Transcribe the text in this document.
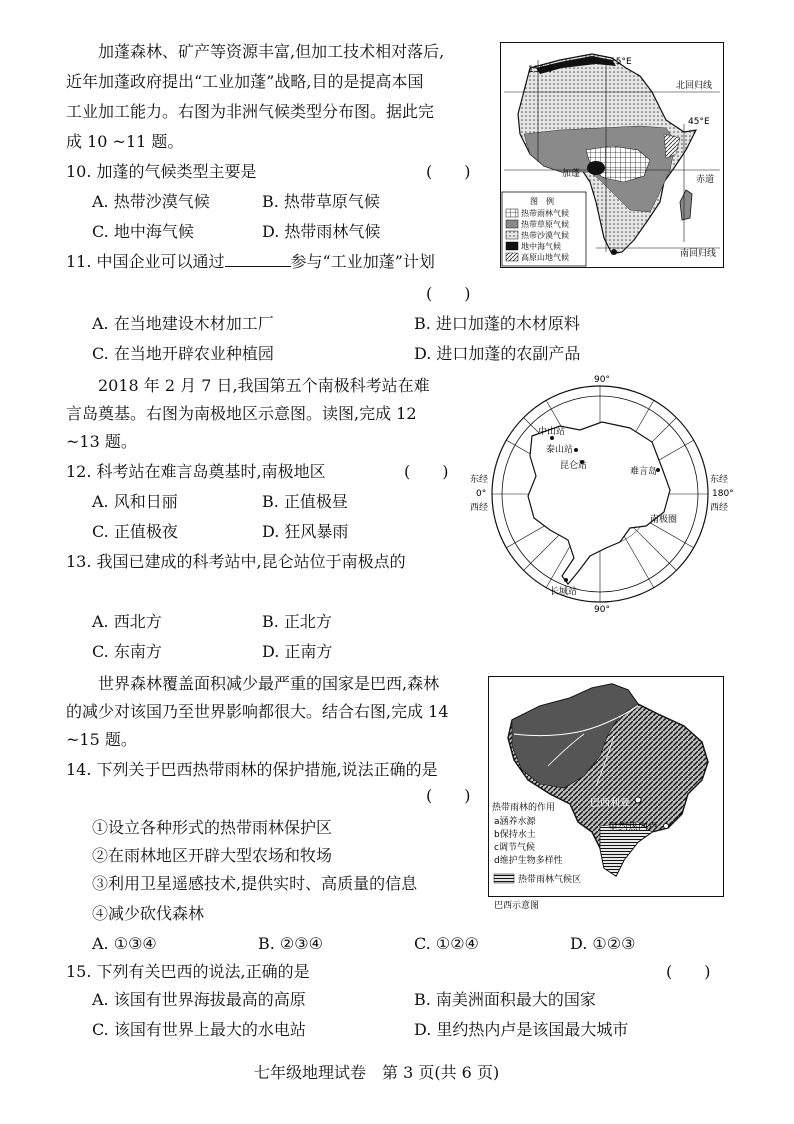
加蓬森林、矿产等资源丰富,但加工技术相对落后,
近年加蓬政府提出“工业加蓬”战略,目的是提高本国
工业加工能力。右图为非洲气候类型分布图。据此完
成 10 ~11 题。
10. 加蓬的气候类型主要是	(　　)
A. 热带沙漠气候	B. 热带草原气候
C. 地中海气候	D. 热带雨林气候
11. 中国企业可以通过	参与“工业加蓬”计划
(　　)
A. 在当地建设木材加工厂	B. 进口加蓬的木材原料
C. 在当地开辟农业种植园	D. 进口加蓬的农副产品
15°W
15°E
北回归线
45°E
加蓬
赤道
南回归线
图　例
热带雨林气候
热带草原气候
热带沙漠气候
地中海气候
高原山地气候
2018 年 2 月 7 日,我国第五个南极科考站在难
言岛奠基。右图为南极地区示意图。读图,完成 12
~13 题。
12. 科考站在难言岛奠基时,南极地区	(　　)
A. 风和日丽	B. 正值极昼
C. 正值极夜	D. 狂风暴雨
13. 我国已建成的科考站中,昆仑站位于南极点的
A. 西北方	B. 正北方
C. 东南方	D. 正南方
90°
90°
中山站
泰山站
昆仑站
难言岛
东经
0°
西经
东经
180°
西经
南极圈
长城站
世界森林覆盖面积减少最严重的国家是巴西,森林
的减少对该国乃至世界影响都很大。结合右图,完成 14
~15 题。
14. 下列关于巴西热带雨林的保护措施,说法正确的是
(　　)
①设立各种形式的热带雨林保护区
②在雨林地区开辟大型农场和牧场
③利用卫星遥感技术,提供实时、高质量的信息
④减少砍伐森林
A. ①③④	B. ②③④	C. ①②④	D. ①②③
15. 下列有关巴西的说法,正确的是	(　　)
A. 该国有世界海拔最高的高原	B. 南美洲面积最大的国家
C. 该国有世界上最大的水电站	D. 里约热内卢是该国最大城市
巴西利亚
里约热内卢
热带雨林的作用
a涵养水源
b保持水土
c调节气候
d维护生物多样性
热带雨林气候区
巴西示意图
七年级地理试卷　第 3 页(共 6 页)
